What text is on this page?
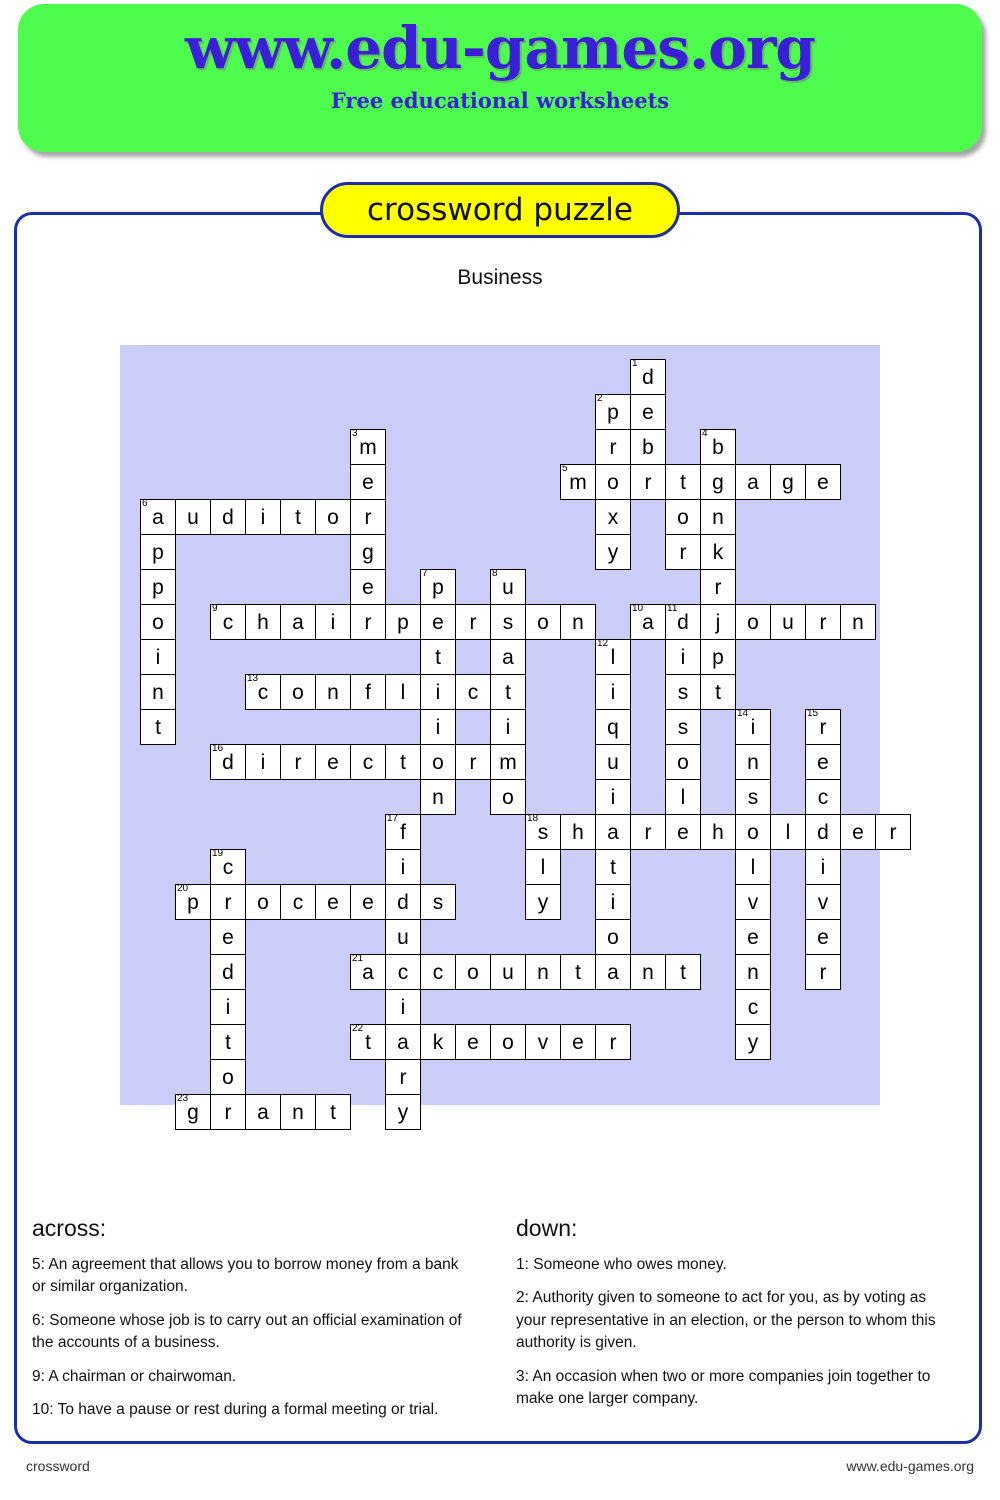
www.edu-games.org
Free educational worksheets
crossword puzzle
Business
1
d
2
p	e
3
m	r	b
4
b
e
5
m o	r	t	g	a	g	e
6
a	u	d	i	t	o	r	x	o	n
p	g	y	r	k
p	e
7
p
8
u	r
o
9
c	h	a	i	r	p	e	r	s	o	n
10
a
11
d	j	o	u	r	n
i	t	a
12
l	i	p
n
13
c	o	n	f	l	i	c	t	i	s	t
t	i	i	q	s
14
i
15
r
16
d	i	r	e	c	t	o	r	m	u	o	n	e
n	o	i	l	s	c
17
f
18
s	h	a	r	e	h	o	l	d	e	r
19
c	i	l	t	l	i
20
p	r	o	c	e	e	d	s	y	i	v	v
e	u	o	e	e
d
21
a	c	c	o	u	n	t	a	n	t	n	r
i	i	c
22
t	a	k	e	o	v	e	r
t	y
o	r
23
g	r	a	n	t	y
across:
5: An agreement that allows you to borrow money from a bank or similar organization.
6: Someone whose job is to carry out an official examination of the accounts of a business.
9: A chairman or chairwoman.
10: To have a pause or rest during a formal meeting or trial.
down:
1: Someone who owes money.
2: Authority given to someone to act for you, as by voting as your representative in an election, or the person to whom this authority is given.
3: An occasion when two or more companies join together to make one larger company.
crossword	www.edu-games.org
